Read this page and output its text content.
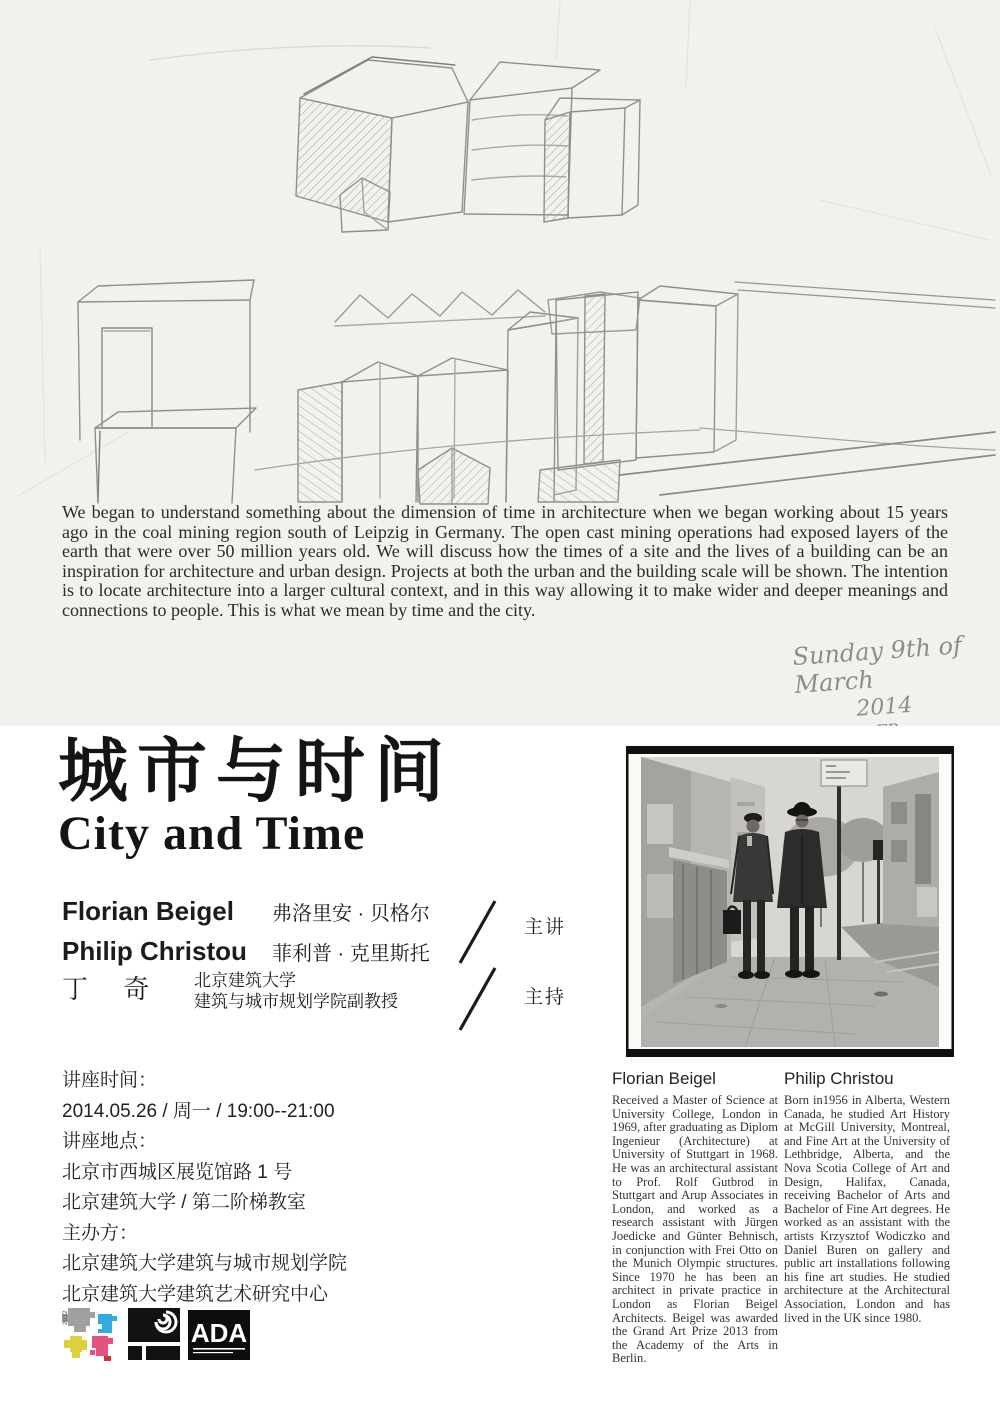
We began to understand something about the dimension of time in architecture when we began working about 15 years ago in the coal mining region south of Leipzig in Germany. The open cast mining operations had exposed layers of the earth that were over 50 million years old. We will discuss how the times of a site and the lives of a building can be an inspiration for architecture and urban design. Projects at both the urban and the building scale will be shown. The intention is to locate architecture into a larger cultural context, and in this way allowing it to make wider and deeper meanings and connections to people. This is what we mean by time and the city.

Sunday 9th of March
2014
城市与时间
City and Time
Florian Beigel 弗洛里安 · 贝格尔
Philip Christou 菲利普 · 克里斯托
丁 奇 北京建筑大学
建筑与城市规划学院副教授
主讲
主持
讲座时间：
2014.05.26 / 周一 / 19:00--21:00
讲座地点：
北京市西城区展览馆路 1 号
北京建筑大学 / 第二阶梯教室
主办方：
北京建筑大学建筑与城市规划学院
北京建筑大学建筑艺术研究中心
2012
ADA
Florian Beigel	Philip Christou

Received a Master of Science at University College, London in 1969, after graduating as Diplom Ingenieur (Architecture) at University of Stuttgart in 1968. He was an architectural assistant to Prof. Rolf Gutbrod in Stuttgart and Arup Associates in London, and worked as a research assistant with Jürgen Joedicke and Günter Behnisch, in conjunction with Frei Otto on the Munich Olympic structures. Since 1970 he has been an architect in private practice in London as Florian Beigel Architects. Beigel was awarded the Grand Art Prize 2013 from the Academy of the Arts in Berlin.

Born in1956 in Alberta, Western Canada, he studied Art History at McGill University, Montreal, and Fine Art at the University of Lethbridge, Alberta, and the Nova Scotia College of Art and Design, Halifax, Canada, receiving Bachelor of Arts and Bachelor of Fine Art degrees. He worked as an assistant with the artists Krzysztof Wodiczko and Daniel Buren on gallery and public art installations following his fine art studies. He studied architecture at the Architectural Association, London and has lived in the UK since 1980.
